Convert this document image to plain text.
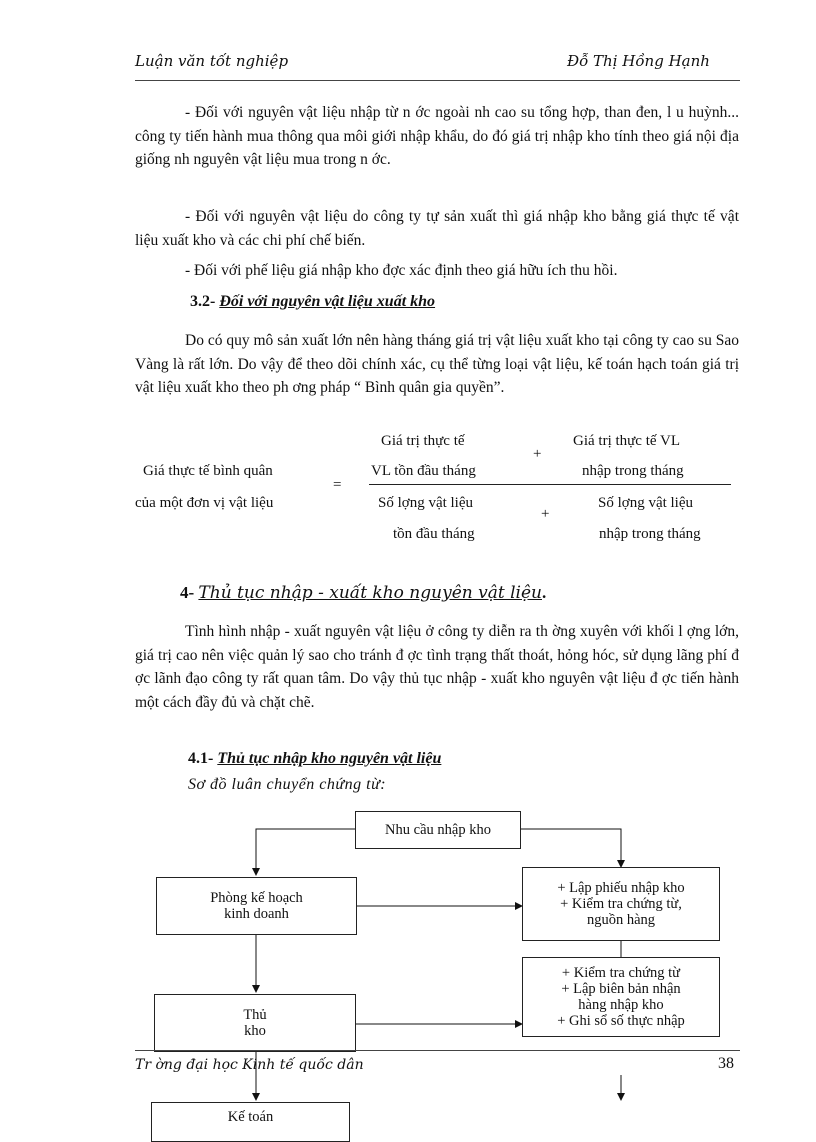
Luận văn tốt nghiệp	Đỗ Thị Hồng Hạnh
- Đối với nguyên vật liệu nhập từ n ớc ngoài nh cao su tổng hợp, than đen, l u huỳnh... công ty tiến hành mua thông qua môi giới nhập khẩu, do đó giá trị nhập kho tính theo giá nội địa giống nh nguyên vật liệu mua trong n ớc.
- Đối với nguyên vật liệu do công ty tự sản xuất thì giá nhập kho bằng giá thực tế vật liệu xuất kho và các chi phí chế biến.
- Đối với phế liệu giá nhập kho đợc xác định theo giá hữu ích thu hồi.
3.2- Đối với nguyên vật liệu xuất kho
Do có quy mô sản xuất lớn nên hàng tháng giá trị vật liệu xuất kho tại công ty cao su Sao Vàng là rất lớn. Do vậy để theo dõi chính xác, cụ thể từng loại vật liệu, kế toán hạch toán giá trị vật liệu xuất kho theo ph ơng pháp “ Bình quân gia quyền”.
Giá thực tế bình quân
của một đơn vị vật liệu
=
Giá trị thực tế
VL tồn đầu tháng
+
Giá trị thực tế VL
nhập trong tháng
Số lợng vật liệu
tồn đầu tháng
+
Số lợng vật liệu
nhập trong tháng
4- Thủ tục nhập - xuất kho nguyên vật liệu.
Tình hình nhập - xuất nguyên vật liệu ở công ty diễn ra th ờng xuyên với khối l ợng lớn, giá trị cao nên việc quản lý sao cho tránh đ ợc tình trạng thất thoát, hỏng hóc, sử dụng lãng phí đ ợc lãnh đạo công ty rất quan tâm. Do vậy thủ tục nhập - xuất kho nguyên vật liệu đ ợc tiến hành một cách đầy đủ và chặt chẽ.
4.1- Thủ tục nhập kho nguyên vật liệu
Sơ đồ luân chuyển chứng từ:
Nhu cầu nhập kho
Phòng kế hoạch
kinh doanh
+ Lập phiếu nhập kho
+ Kiểm tra chứng từ,
nguồn hàng
+ Kiểm tra chứng từ
+ Lập biên bản nhận
hàng nhập kho
+ Ghi sổ số thực nhập
Thủ
kho
Kế toán
Tr ờng đại học Kinh tế quốc dân	38
